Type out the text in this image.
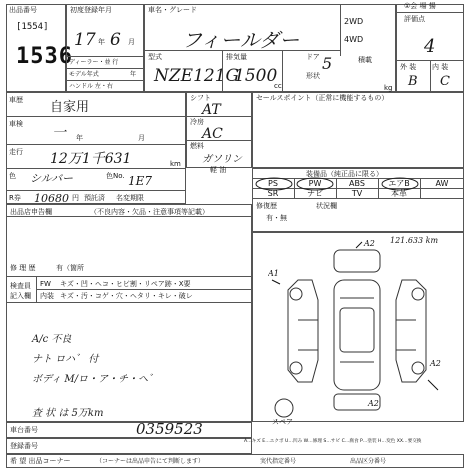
出品番号
[1554]
1536
初度登録年月
17 年 6 月
ディーラー・並 行
モデル年式	年
ハンドル 左・右
車名・グレード
フィールダー
2WD
4WD
型式
NZE121G
排気量
1500
cc
ドア 5
形状
積載
kg
①会 場 揚
評価点
4
外 装 内 装
B C
車歴 自家用
車検
一 年	月
走行 12万1千631	km
色 シルバー	色No. 1E7
R券 10680 円 預託済 名変期限
シフト
AT
冷房
AC
燃料
ガソリン
軽 油
セールスポイント（正常に機能するもの）
装備品（純正品に限る）
PS	PW	ABS	エアB	AW
SR	ナビ	TV	本革
修復歴
有・無
状況欄
出品店申告欄	（不良内容・欠品・注意事項等記載）
修 理 歴	有（箇所
検査員
記入欄
FW キズ・凹・ヘコ・ヒビ割・リペア跡・X要
内装 キズ・汚・コゲ・穴・ヘタリ・キレ・破レ
A/c 不良
ナト ロハ゛ 付
ボディ M/ロ・ア・チ・ヘ゛
査 状 は 5万km
121.633 km
A2
A1
A2
A2
スペア
車台番号	0359523
登録番号
A…キズ E…エクボ U…凹み W…修理 S…サビ C…腐食 P…塗装 H…変色 XX…要交換
希 望 出品コーナー	（コーナーは出品申告にて判断します）	実代指定番号	出品区分番号
